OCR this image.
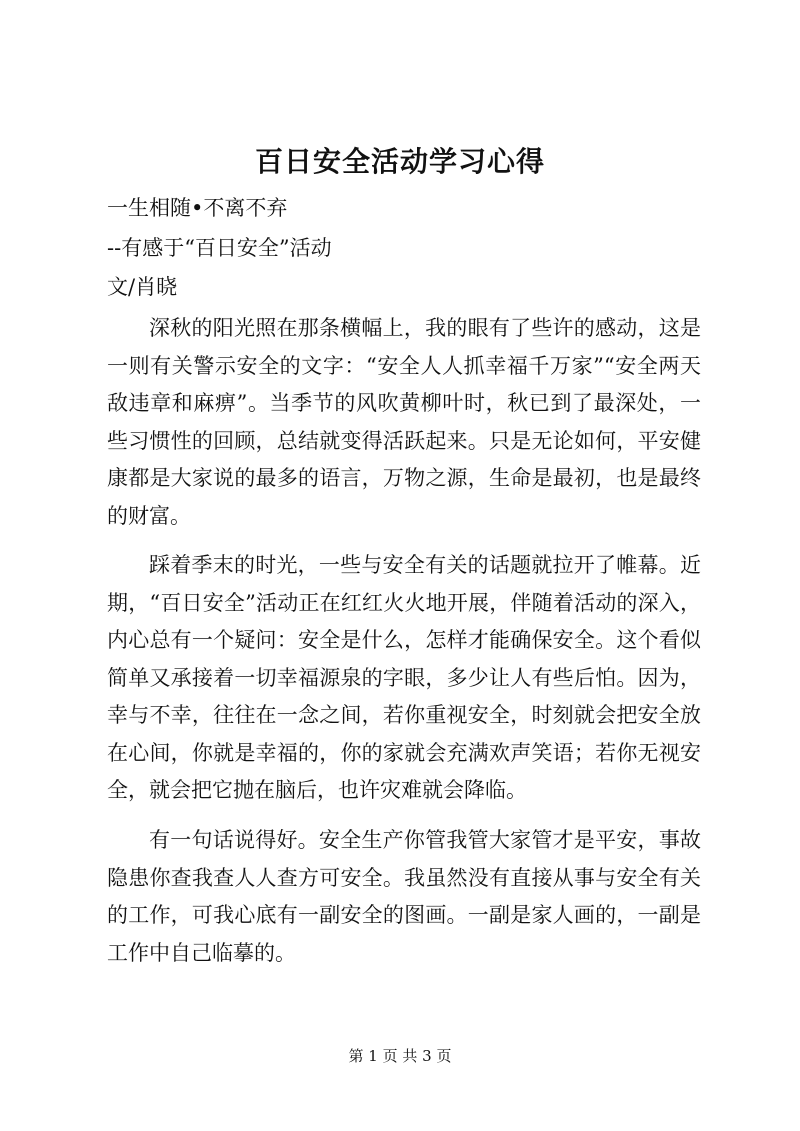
百日安全活动学习心得
一生相随•不离不弃
--有感于“百日安全”活动
文/肖晓

深秋的阳光照在那条横幅上，我的眼有了些许的感动，这是一则有关警示安全的文字：“安全人人抓幸福千万家”“安全两天敌违章和麻痹”。当季节的风吹黄柳叶时，秋已到了最深处，一些习惯性的回顾，总结就变得活跃起来。只是无论如何，平安健康都是大家说的最多的语言，万物之源，生命是最初，也是最终的财富。

踩着季末的时光，一些与安全有关的话题就拉开了帷幕。近期，“百日安全”活动正在红红火火地开展，伴随着活动的深入，内心总有一个疑问：安全是什么，怎样才能确保安全。这个看似简单又承接着一切幸福源泉的字眼，多少让人有些后怕。因为，幸与不幸，往往在一念之间，若你重视安全，时刻就会把安全放在心间，你就是幸福的，你的家就会充满欢声笑语；若你无视安全，就会把它抛在脑后，也许灾难就会降临。

有一句话说得好。安全生产你管我管大家管才是平安，事故隐患你查我查人人查方可安全。我虽然没有直接从事与安全有关的工作，可我心底有一副安全的图画。一副是家人画的，一副是工作中自己临摹的。

第 1 页 共 3 页
